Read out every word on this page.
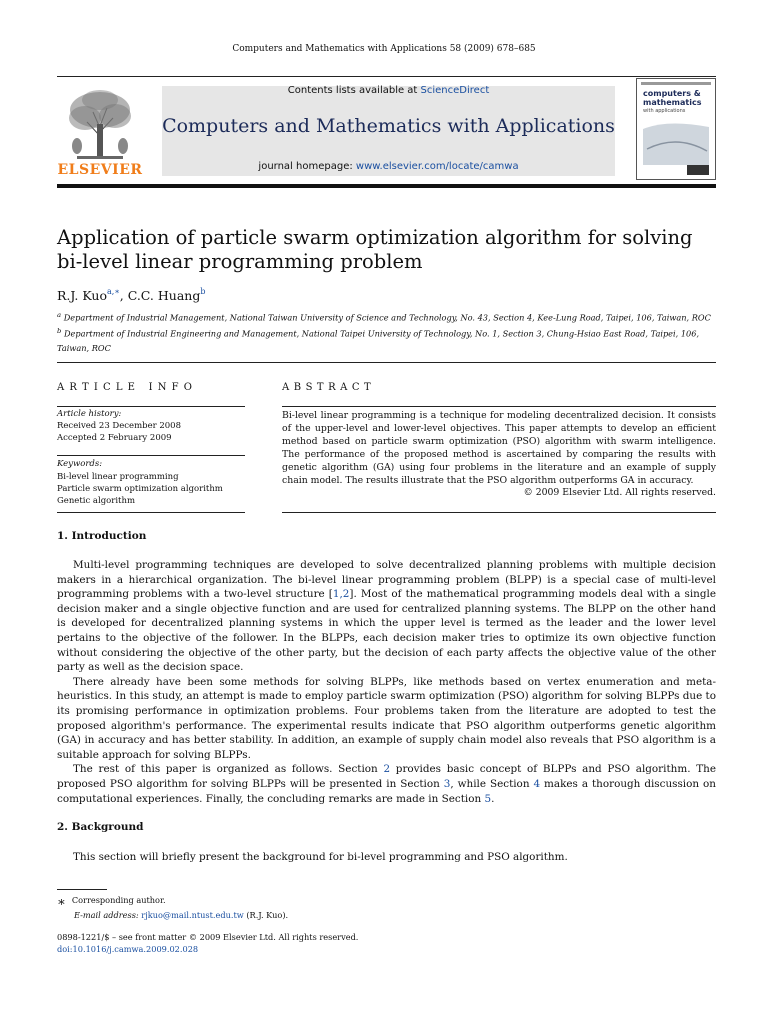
Computers and Mathematics with Applications 58 (2009) 678–685
ELSEVIER
Contents lists available at ScienceDirect
Computers and Mathematics with Applications
journal homepage: www.elsevier.com/locate/camwa
computers &
mathematics
with applications
Application of particle swarm optimization algorithm for solving bi-level linear programming problem
R.J. Kuo$^{a,∗}$, C.C. Huang$^b$
$^a$ Department of Industrial Management, National Taiwan University of Science and Technology, No. 43, Section 4, Kee-Lung Road, Taipei, 106, Taiwan, ROC
$^b$ Department of Industrial Engineering and Management, National Taipei University of Technology, No. 1, Section 3, Chung-Hsiao East Road, Taipei, 106, Taiwan, ROC
ARTICLE INFO
Article history:
Received 23 December 2008
Accepted 2 February 2009
Keywords:
Bi-level linear programming
Particle swarm optimization algorithm
Genetic algorithm
ABSTRACT
Bi-level linear programming is a technique for modeling decentralized decision. It consists of the upper-level and lower-level objectives. This paper attempts to develop an efficient method based on particle swarm optimization (PSO) algorithm with swarm intelligence. The performance of the proposed method is ascertained by comparing the results with genetic algorithm (GA) using four problems in the literature and an example of supply chain model. The results illustrate that the PSO algorithm outperforms GA in accuracy.
© 2009 Elsevier Ltd. All rights reserved.
1. Introduction

Multi-level programming techniques are developed to solve decentralized planning problems with multiple decision makers in a hierarchical organization. The bi-level linear programming problem (BLPP) is a special case of multi-level programming problems with a two-level structure [1,2]. Most of the mathematical programming models deal with a single decision maker and a single objective function and are used for centralized planning systems. The BLPP on the other hand is developed for decentralized planning systems in which the upper level is termed as the leader and the lower level pertains to the objective of the follower. In the BLPPs, each decision maker tries to optimize its own objective function without considering the objective of the other party, but the decision of each party affects the objective value of the other party as well as the decision space.

There already have been some methods for solving BLPPs, like methods based on vertex enumeration and meta-heuristics. In this study, an attempt is made to employ particle swarm optimization (PSO) algorithm for solving BLPPs due to its promising performance in optimization problems. Four problems taken from the literature are adopted to test the proposed algorithm's performance. The experimental results indicate that PSO algorithm outperforms genetic algorithm (GA) in accuracy and has better stability. In addition, an example of supply chain model also reveals that PSO algorithm is a suitable approach for solving BLPPs.

The rest of this paper is organized as follows. Section 2 provides basic concept of BLPPs and PSO algorithm. The proposed PSO algorithm for solving BLPPs will be presented in Section 3, while Section 4 makes a thorough discussion on computational experiences. Finally, the concluding remarks are made in Section 5.

2. Background

This section will briefly present the background for bi-level programming and PSO algorithm.

∗ Corresponding author.
E-mail address: rjkuo@mail.ntust.edu.tw (R.J. Kuo).
0898-1221/$ – see front matter © 2009 Elsevier Ltd. All rights reserved.
doi:10.1016/j.camwa.2009.02.028
